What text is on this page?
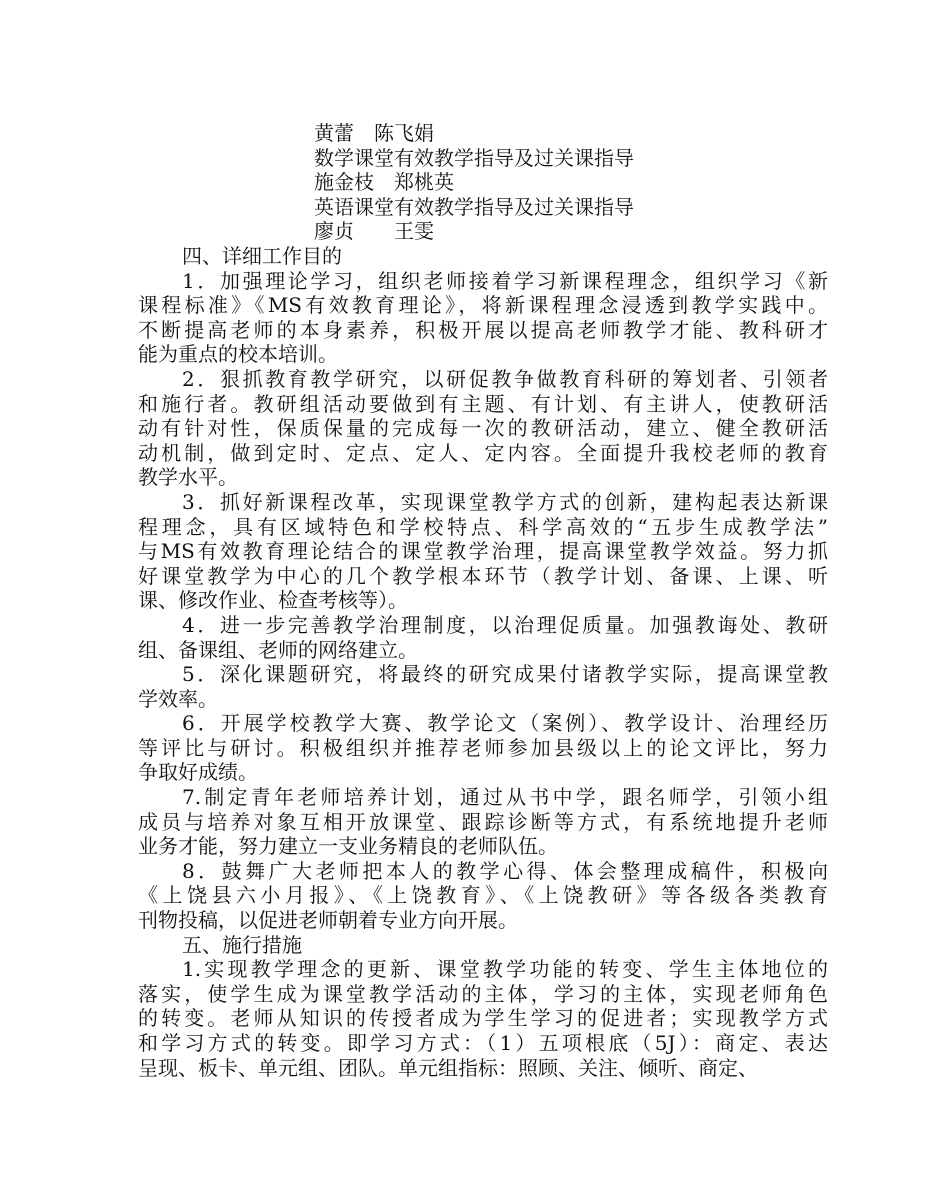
黄蕾　陈飞娟
数学课堂有效教学指导及过关课指导
施金枝　郑桃英
英语课堂有效教学指导及过关课指导
廖贞　　王雯
四、详细工作目的
1．加强理论学习，组织老师接着学习新课程理念，组织学习《新
课程标准》《MS有效教育理论》，将新课程理念浸透到教学实践中。
不断提高老师的本身素养，积极开展以提高老师教学才能、教科研才
能为重点的校本培训。
2．狠抓教育教学研究，以研促教争做教育科研的筹划者、引领者
和施行者。教研组活动要做到有主题、有计划、有主讲人，使教研活
动有针对性，保质保量的完成每一次的教研活动，建立、健全教研活
动机制，做到定时、定点、定人、定内容。全面提升我校老师的教育
教学水平。
3．抓好新课程改革，实现课堂教学方式的创新，建构起表达新课
程理念，具有区域特色和学校特点、科学高效的“五步生成教学法”
与MS有效教育理论结合的课堂教学治理，提高课堂教学效益。努力抓
好课堂教学为中心的几个教学根本环节（教学计划、备课、上课、听
课、修改作业、检查考核等）。
4．进一步完善教学治理制度，以治理促质量。加强教诲处、教研
组、备课组、老师的网络建立。
5．深化课题研究，将最终的研究成果付诸教学实际，提高课堂教
学效率。
6．开展学校教学大赛、教学论文（案例）、教学设计、治理经历
等评比与研讨。积极组织并推荐老师参加县级以上的论文评比，努力
争取好成绩。
7.制定青年老师培养计划，通过从书中学，跟名师学，引领小组
成员与培养对象互相开放课堂、跟踪诊断等方式，有系统地提升老师
业务才能，努力建立一支业务精良的老师队伍。
8．鼓舞广大老师把本人的教学心得、体会整理成稿件，积极向
《上饶县六小月报》、《上饶教育》、《上饶教研》等各级各类教育
刊物投稿，以促进老师朝着专业方向开展。
五、施行措施
1.实现教学理念的更新、课堂教学功能的转变、学生主体地位的
落实，使学生成为课堂教学活动的主体，学习的主体，实现老师角色
的转变。老师从知识的传授者成为学生学习的促进者；实现教学方式
和学习方式的转变。即学习方式：（1）五项根底（5J）：商定、表达
呈现、板卡、单元组、团队。单元组指标：照顾、关注、倾听、商定、
